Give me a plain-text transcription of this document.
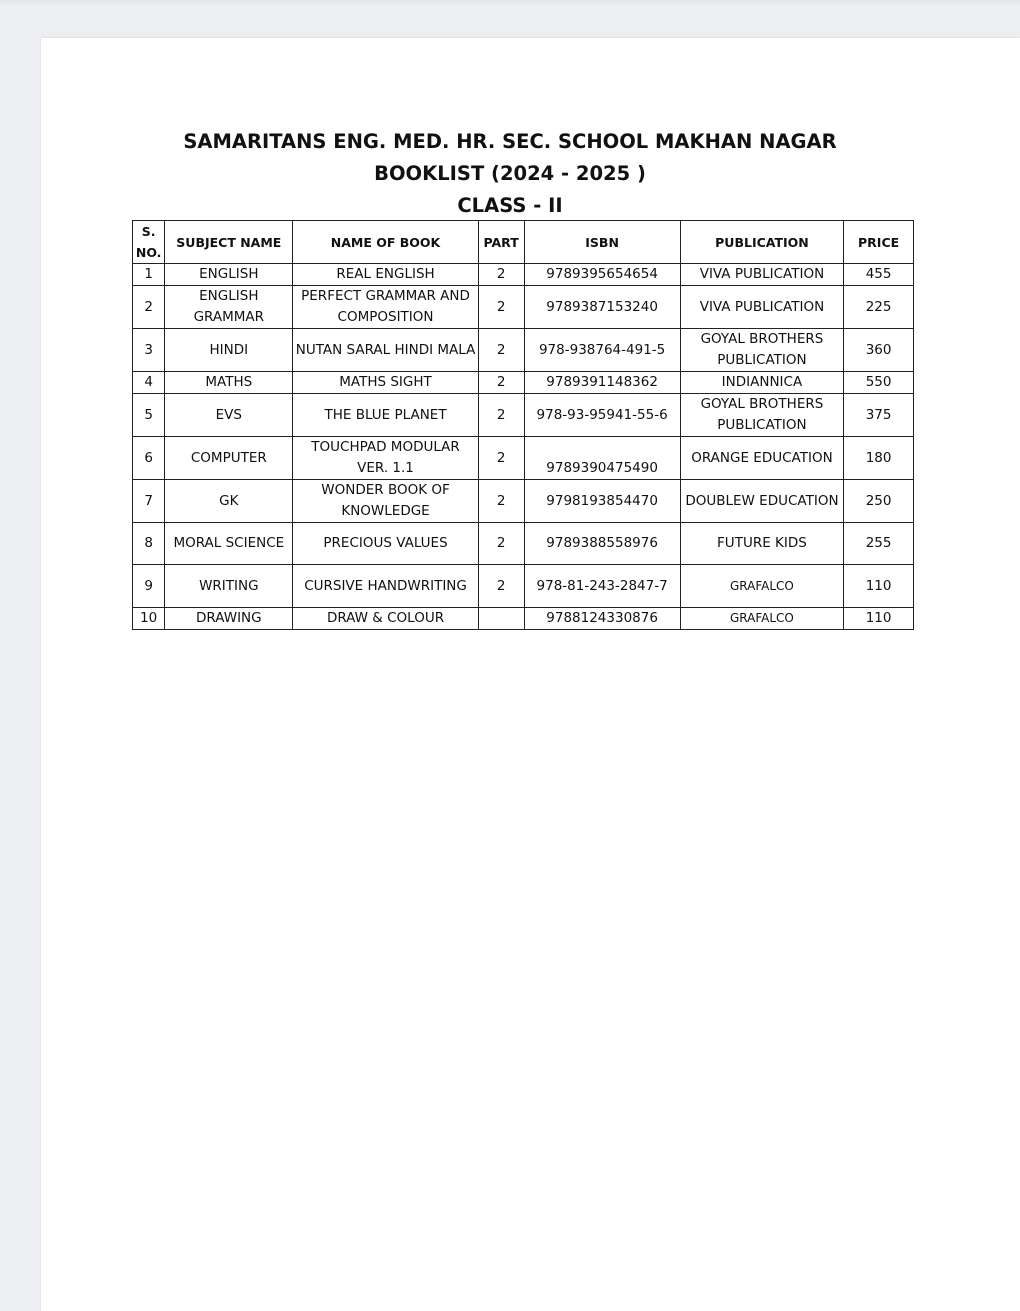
SAMARITANS ENG. MED. HR. SEC. SCHOOL MAKHAN NAGAR
BOOKLIST (2024 - 2025 )
CLASS - II
S.
NO.	SUBJECT NAME	NAME OF BOOK	PART	ISBN	PUBLICATION	PRICE
1	ENGLISH	REAL ENGLISH	2	9789395654654	VIVA PUBLICATION	455
2	ENGLISH GRAMMAR	PERFECT GRAMMAR AND COMPOSITION	2	9789387153240	VIVA PUBLICATION	225
3	HINDI	NUTAN SARAL HINDI MALA	2	978-938764-491-5	GOYAL BROTHERS PUBLICATION	360
4	MATHS	MATHS SIGHT	2	9789391148362	INDIANNICA	550
5	EVS	THE BLUE PLANET	2	978-93-95941-55-6	GOYAL BROTHERS PUBLICATION	375
6	COMPUTER	TOUCHPAD MODULAR VER. 1.1	2	9789390475490	ORANGE EDUCATION	180
7	GK	WONDER BOOK OF KNOWLEDGE	2	9798193854470	DOUBLEW EDUCATION	250
8	MORAL SCIENCE	PRECIOUS VALUES	2	9789388558976	FUTURE KIDS	255
9	WRITING	CURSIVE HANDWRITING	2	978-81-243-2847-7	GRAFALCO	110
10	DRAWING	DRAW & COLOUR		9788124330876	GRAFALCO	110
